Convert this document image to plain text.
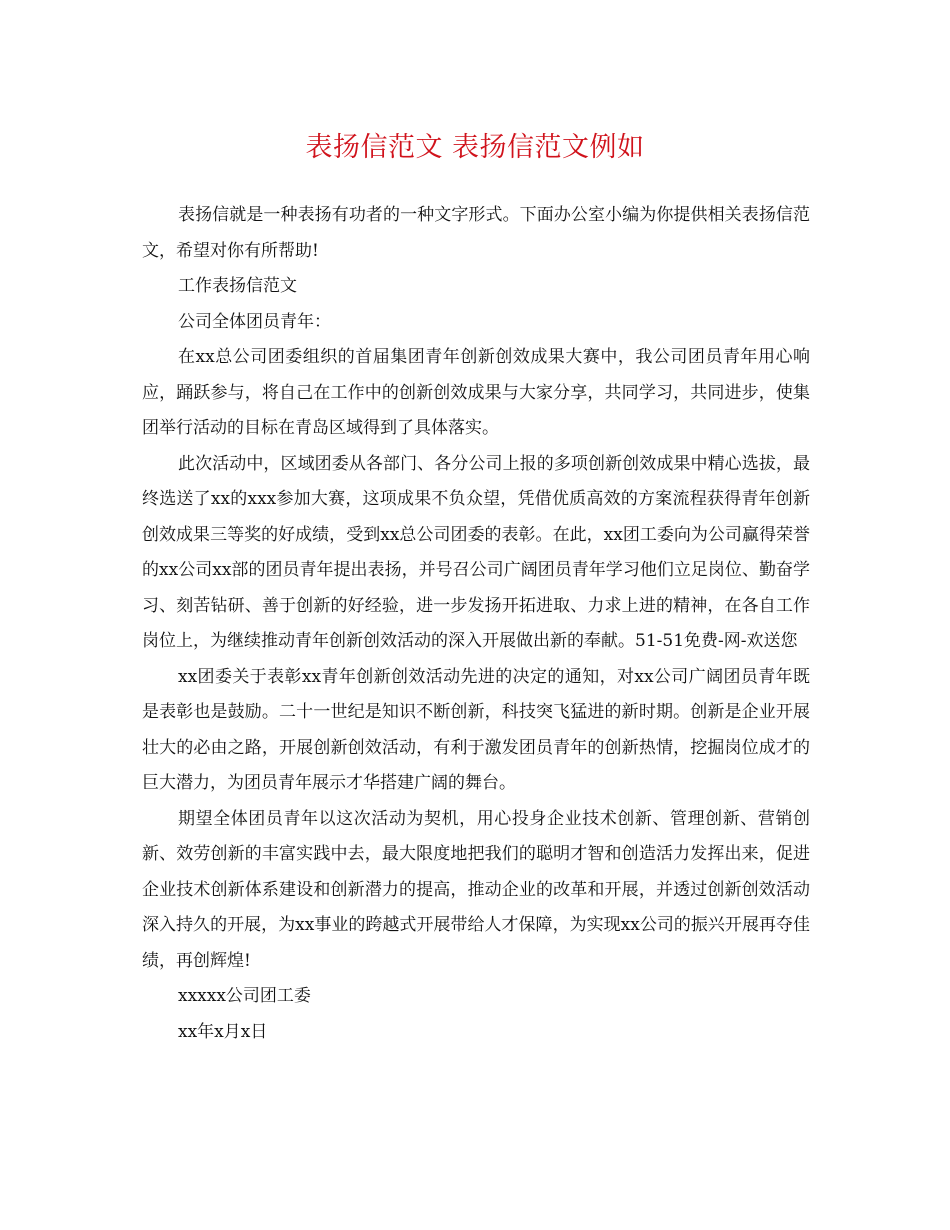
表扬信范文 表扬信范文例如

表扬信就是一种表扬有功者的一种文字形式。下面办公室小编为你提供相关表扬信范文，希望对你有所帮助!

工作表扬信范文

公司全体团员青年：

在xx总公司团委组织的首届集团青年创新创效成果大赛中，我公司团员青年用心响应，踊跃参与，将自己在工作中的创新创效成果与大家分享，共同学习，共同进步，使集团举行活动的目标在青岛区域得到了具体落实。

此次活动中，区域团委从各部门、各分公司上报的多项创新创效成果中精心选拔，最终选送了xx的xxx参加大赛，这项成果不负众望，凭借优质高效的方案流程获得青年创新创效成果三等奖的好成绩，受到xx总公司团委的表彰。在此，xx团工委向为公司赢得荣誉的xx公司xx部的团员青年提出表扬，并号召公司广阔团员青年学习他们立足岗位、勤奋学习、刻苦钻研、善于创新的好经验，进一步发扬开拓进取、力求上进的精神，在各自工作岗位上，为继续推动青年创新创效活动的深入开展做出新的奉献。51-51免费-网-欢送您

xx团委关于表彰xx青年创新创效活动先进的决定的通知，对xx公司广阔团员青年既是表彰也是鼓励。二十一世纪是知识不断创新，科技突飞猛进的新时期。创新是企业开展壮大的必由之路，开展创新创效活动，有利于激发团员青年的创新热情，挖掘岗位成才的巨大潜力，为团员青年展示才华搭建广阔的舞台。

期望全体团员青年以这次活动为契机，用心投身企业技术创新、管理创新、营销创新、效劳创新的丰富实践中去，最大限度地把我们的聪明才智和创造活力发挥出来，促进企业技术创新体系建设和创新潜力的提高，推动企业的改革和开展，并透过创新创效活动深入持久的开展，为xx事业的跨越式开展带给人才保障，为实现xx公司的振兴开展再夺佳绩，再创辉煌!

xxxxx公司团工委

xx年x月x日
